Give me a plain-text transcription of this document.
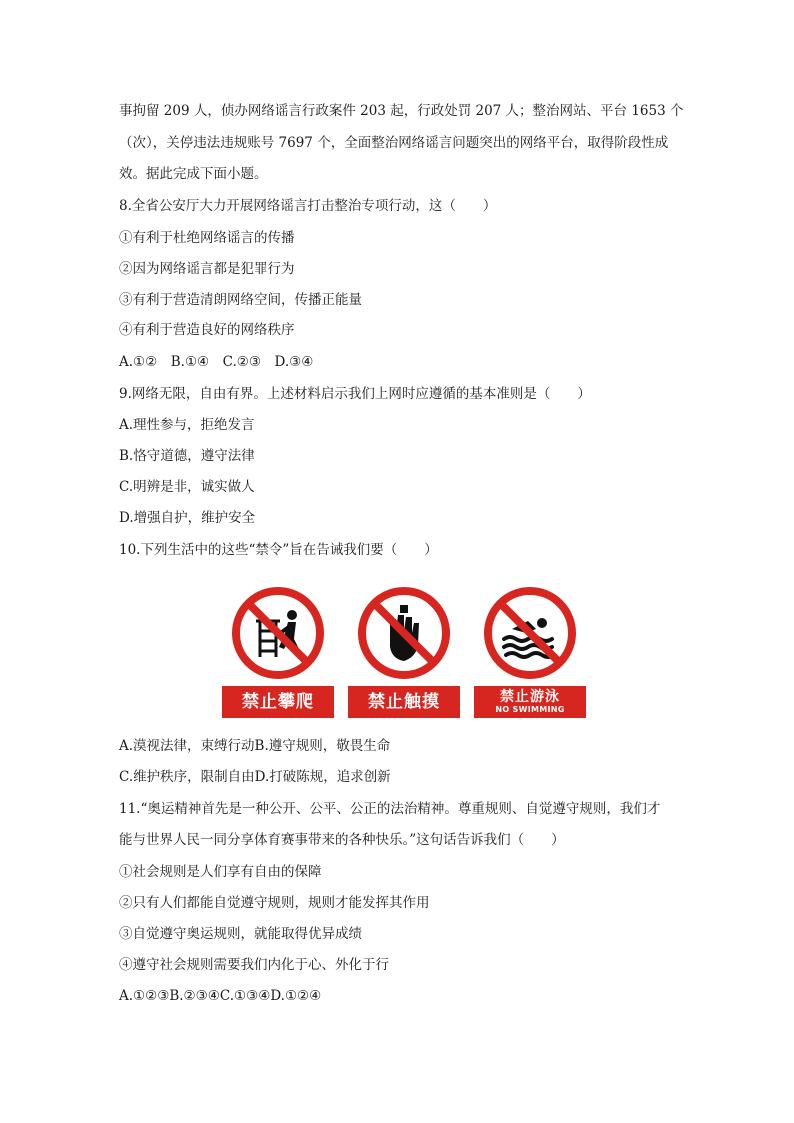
事拘留 209 人，侦办网络谣言行政案件 203 起，行政处罚 207 人；整治网站、平台 1653 个
（次），关停违法违规账号 7697 个，全面整治网络谣言问题突出的网络平台，取得阶段性成
效。据此完成下面小题。
8.全省公安厅大力开展网络谣言打击整治专项行动，这（　　）
①有利于杜绝网络谣言的传播
②因为网络谣言都是犯罪行为
③有利于营造清朗网络空间，传播正能量
④有利于营造良好的网络秩序
A.①②　B.①④　C.②③　D.③④
9.网络无限，自由有界。上述材料启示我们上网时应遵循的基本准则是（　　）
A.理性参与，拒绝发言
B.恪守道德，遵守法律
C.明辨是非，诚实做人
D.增强自护，维护安全
10.下列生活中的这些“禁令”旨在告诫我们要（　　）
禁止攀爬	禁止触摸	禁止游泳
NO SWIMMING
A.漠视法律，束缚行动B.遵守规则，敬畏生命
C.维护秩序，限制自由D.打破陈规，追求创新
11.“奥运精神首先是一种公开、公平、公正的法治精神。尊重规则、自觉遵守规则，我们才
能与世界人民一同分享体育赛事带来的各种快乐。”这句话告诉我们（　　）
①社会规则是人们享有自由的保障
②只有人们都能自觉遵守规则，规则才能发挥其作用
③自觉遵守奥运规则，就能取得优异成绩
④遵守社会规则需要我们内化于心、外化于行
A.①②③B.②③④C.①③④D.①②④
